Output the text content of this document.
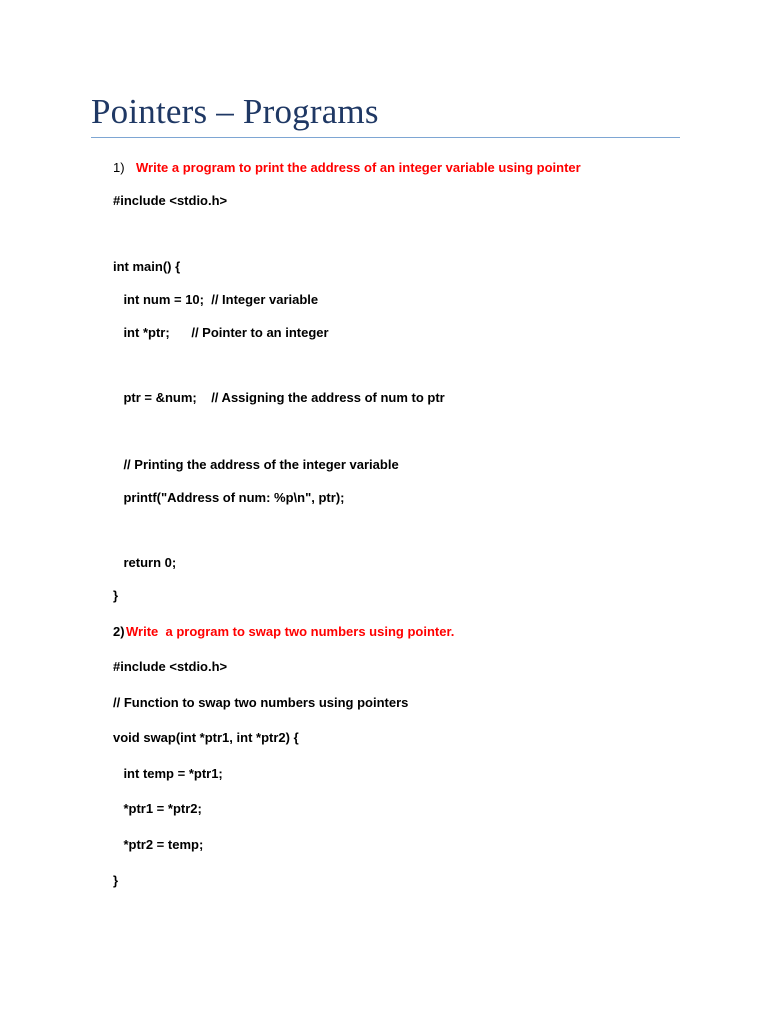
Pointers – Programs
1) Write a program to print the address of an integer variable using pointer
#include <stdio.h>
int main() {
int num = 10;  // Integer variable
int *ptr;      // Pointer to an integer
ptr = &num;    // Assigning the address of num to ptr
// Printing the address of the integer variable
printf("Address of num: %p\n", ptr);
return 0;
}
2) Write  a program to swap two numbers using pointer.
#include <stdio.h>
// Function to swap two numbers using pointers
void swap(int *ptr1, int *ptr2) {
int temp = *ptr1;
*ptr1 = *ptr2;
*ptr2 = temp;
}
